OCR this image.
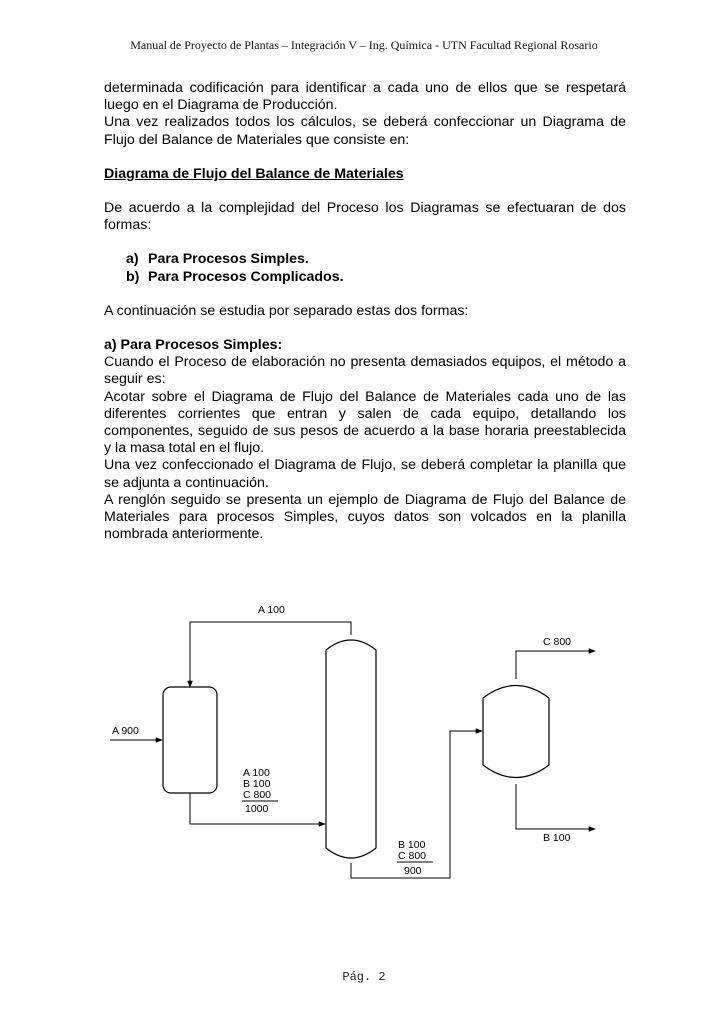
Manual de Proyecto de Plantas – Integración V – Ing. Química - UTN Facultad Regional Rosario

determinada codificación para identificar a cada uno de ellos que se respetará luego en el Diagrama de Producción.

Una vez realizados todos los cálculos, se deberá confeccionar un Diagrama de Flujo del Balance de Materiales que consiste en:

Diagrama de Flujo del Balance de Materiales

De acuerdo a la complejidad del Proceso los Diagramas se efectuaran de dos formas:

a) Para Procesos Simples.
b) Para Procesos Complicados.

A continuación se estudia por separado estas dos formas:

a) Para Procesos Simples:

Cuando el Proceso de elaboración no presenta demasiados equipos, el método a seguir es:

Acotar sobre el Diagrama de Flujo del Balance de Materiales cada uno de las diferentes corrientes que entran y salen de cada equipo, detallando los componentes, seguido de sus pesos de acuerdo a la base horaria preestablecida y la masa total en el flujo.

Una vez confeccionado el Diagrama de Flujo, se deberá completar la planilla que se adjunta a continuación.

A renglón seguido se presenta un ejemplo de Diagrama de Flujo del Balance de Materiales para procesos Simples, cuyos datos son volcados en la planilla nombrada anteriormente.

A 100
A 900
A 100
B 100
C 800
1000
B 100
C 800
900
C 800
B 100
Pág. 2
